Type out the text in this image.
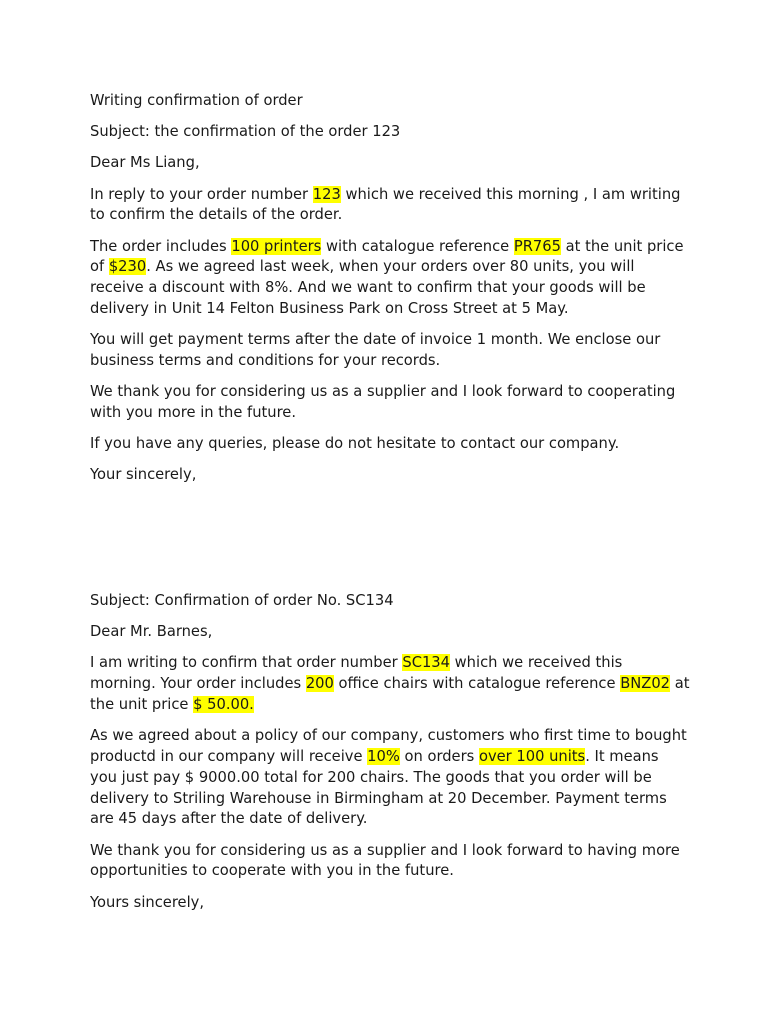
Writing confirmation of order

Subject: the confirmation of the order 123

Dear Ms Liang,

In reply to your order number 123 which we received this morning , I am writing to confirm the details of the order.

The order includes 100 printers with catalogue reference PR765 at the unit price of $230. As we agreed last week, when your orders over 80 units, you will receive a discount with 8%. And we want to confirm that your goods will be delivery in Unit 14 Felton Business Park on Cross Street at 5 May.

You will get payment terms after the date of invoice 1 month. We enclose our business terms and conditions for your records.

We thank you for considering us as a supplier and I look forward to cooperating with you more in the future.

If you have any queries, please do not hesitate to contact our company.

Your sincerely,

Subject: Confirmation of order No. SC134

Dear Mr. Barnes,

I am writing to confirm that order number SC134 which we received this morning. Your order includes 200 office chairs with catalogue reference BNZ02 at the unit price $ 50.00.

As we agreed about a policy of our company, customers who first time to bought productd in our company will receive 10% on orders over 100 units. It means you just pay $ 9000.00 total for 200 chairs. The goods that you order will be delivery to Striling Warehouse in Birmingham at 20 December. Payment terms are 45 days after the date of delivery.

We thank you for considering us as a supplier and I look forward to having more opportunities to cooperate with you in the future.

Yours sincerely,
